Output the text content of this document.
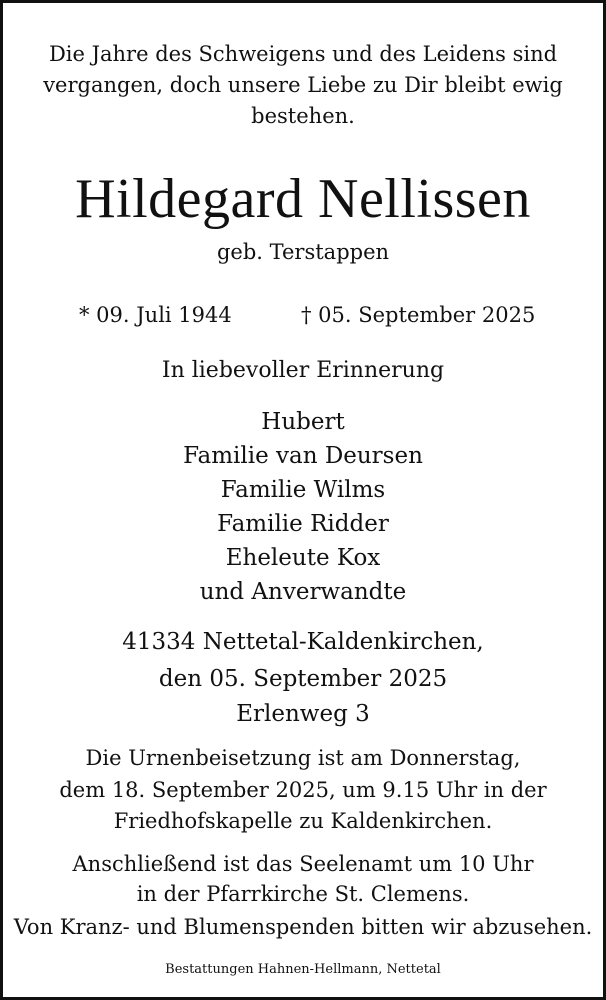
Die Jahre des Schweigens und des Leidens sind

vergangen, doch unsere Liebe zu Dir bleibt ewig

bestehen.

Hildegard Nellissen

geb. Terstappen

* 09. Juli 1944	† 05. September 2025

In liebevoller Erinnerung

Hubert

Familie van Deursen

Familie Wilms

Familie Ridder

Eheleute Kox

und Anverwandte

41334 Nettetal-Kaldenkirchen,

den 05. September 2025

Erlenweg 3

Die Urnenbeisetzung ist am Donnerstag,

dem 18. September 2025, um 9.15 Uhr in der

Friedhofskapelle zu Kaldenkirchen.

Anschließend ist das Seelenamt um 10 Uhr

in der Pfarrkirche St. Clemens.

Von Kranz- und Blumenspenden bitten wir abzusehen.

Bestattungen Hahnen-Hellmann, Nettetal
